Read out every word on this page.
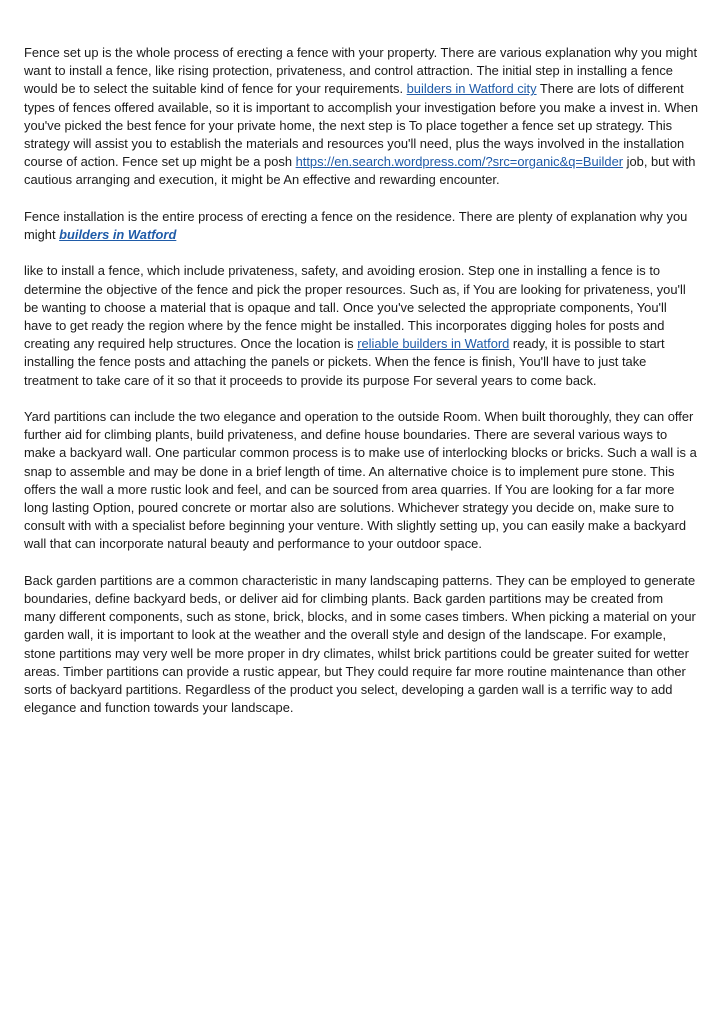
Fence set up is the whole process of erecting a fence with your property. There are various explanation why you might want to install a fence, like rising protection, privateness, and control attraction. The initial step in installing a fence would be to select the suitable kind of fence for your requirements. builders in Watford city There are lots of different types of fences offered available, so it is important to accomplish your investigation before you make a invest in. When you've picked the best fence for your private home, the next step is To place together a fence set up strategy. This strategy will assist you to establish the materials and resources you'll need, plus the ways involved in the installation course of action. Fence set up might be a posh https://en.search.wordpress.com/?src=organic&q=Builder job, but with cautious arranging and execution, it might be An effective and rewarding encounter.

Fence installation is the entire process of erecting a fence on the residence. There are plenty of explanation why you might builders in Watford

like to install a fence, which include privateness, safety, and avoiding erosion. Step one in installing a fence is to determine the objective of the fence and pick the proper resources. Such as, if You are looking for privateness, you'll be wanting to choose a material that is opaque and tall. Once you've selected the appropriate components, You'll have to get ready the region where by the fence might be installed. This incorporates digging holes for posts and creating any required help structures. Once the location is reliable builders in Watford ready, it is possible to start installing the fence posts and attaching the panels or pickets. When the fence is finish, You'll have to just take treatment to take care of it so that it proceeds to provide its purpose For several years to come back.

Yard partitions can include the two elegance and operation to the outside Room. When built thoroughly, they can offer further aid for climbing plants, build privateness, and define house boundaries. There are several various ways to make a backyard wall. One particular common process is to make use of interlocking blocks or bricks. Such a wall is a snap to assemble and may be done in a brief length of time. An alternative choice is to implement pure stone. This offers the wall a more rustic look and feel, and can be sourced from area quarries. If You are looking for a far more long lasting Option, poured concrete or mortar also are solutions. Whichever strategy you decide on, make sure to consult with with a specialist before beginning your venture. With slightly setting up, you can easily make a backyard wall that can incorporate natural beauty and performance to your outdoor space.

Back garden partitions are a common characteristic in many landscaping patterns. They can be employed to generate boundaries, define backyard beds, or deliver aid for climbing plants. Back garden partitions may be created from many different components, such as stone, brick, blocks, and in some cases timbers. When picking a material on your garden wall, it is important to look at the weather and the overall style and design of the landscape. For example, stone partitions may very well be more proper in dry climates, whilst brick partitions could be greater suited for wetter areas. Timber partitions can provide a rustic appear, but They could require far more routine maintenance than other sorts of backyard partitions. Regardless of the product you select, developing a garden wall is a terrific way to add elegance and function towards your landscape.
